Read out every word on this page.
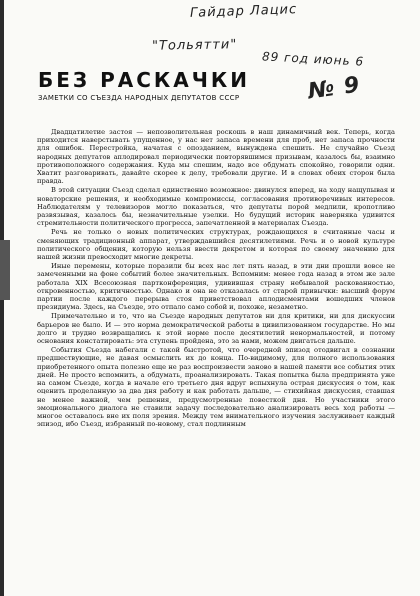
Гайдар Лацис
"Тольятти"
89 год июнь 6
№ 9
БЕЗ РАСКАЧКИ
ЗАМЕТКИ СО СЪЕЗДА НАРОДНЫХ ДЕПУТАТОВ СССР

Двадцатилетие застоя — непозволительная роскошь в наш динамичный век. Теперь, когда приходится наверстывать упущенное, у нас нет запаса времени для проб, нет запаса прочности для ошибок. Перестройка, начатая с опозданием, вынуждена спешить. Не случайно Съезд народных депутатов аплодировал периодически повторявшимся призывам, казалось бы, взаимно противоположного содержания. Куда мы спешим, надо все обдумать спокойно, говорили одни. Хватит разговаривать, давайте скорее к делу, требовали другие. И в словах обеих сторон была правда.

В этой ситуации Съезд сделал единственно возможное: двинулся вперед, на ходу нащупывая и новаторские решения, и необходимые компромиссы, согласования противоречивых интересов. Наблюдателям у телевизоров могло показаться, что депутаты порой медлили, кропотливо развязывая, казалось бы, незначительные узелки. Но будущий историк наверняка удивится стремительности политического прогресса, запечатленной в материалах Съезда.

Речь не только о новых политических структурах, рождающихся в считанные часы и сменяющих традиционный аппарат, утверждавшийся десятилетиями. Речь и о новой культуре политического общения, которую нельзя ввести декретом и которая по своему значению для нашей жизни превосходит многие декреты.

Иные перемены, которые поразили бы всех нас лет пять назад, в эти дни прошли вовсе не замеченными на фоне событий более значительных. Вспомним: менее года назад в этом же зале работала XIX Всесоюзная партконференция, удивившая страну небывалой раскованностью, откровенностью, критичностью. Однако и она не отказалась от старой привычки: высший форум партии после каждого перерыва стоя приветствовал аплодисментами вошедших членов президиума. Здесь, на Съезде, это отпало само собой и, похоже, незаметно.

Примечательно и то, что на Съезде народных депутатов ни для критики, ни для дискуссии барьеров не было. И — это норма демократической работы в цивилизованном государстве. Но мы долго и трудно возвращались к этой норме после десятилетий ненормальностей, и потому основания констатировать: эта ступень пройдена, это за нами, можем двигаться дальше.

События Съезда набегали с такой быстротой, что очередной эпизод отодвигал в сознании предшествующие, не давая осмыслить их до конца. По-видимому, для полного использования приобретенного опыта полезно еще не раз воспроизвести заново в нашей памяти все события этих дней. Не просто вспомнить, а обдумать, проанализировать. Такая попытка была предпринята уже на самом Съезде, когда в начале его третьего дня вдруг вспыхнула острая дискуссия о том, как оценить проделанную за два дня работу и как работать дальше, — стихийная дискуссия, ставшая не менее важной, чем решения, предусмотренные повесткой дня. Но участники этого эмоционального диалога не ставили задачу последовательно анализировать весь ход работы — многое оставалось вне их поля зрения. Между тем внимательного изучения заслуживает каждый эпизод, ибо Съезд, избранный по-новому, стал подлинным
